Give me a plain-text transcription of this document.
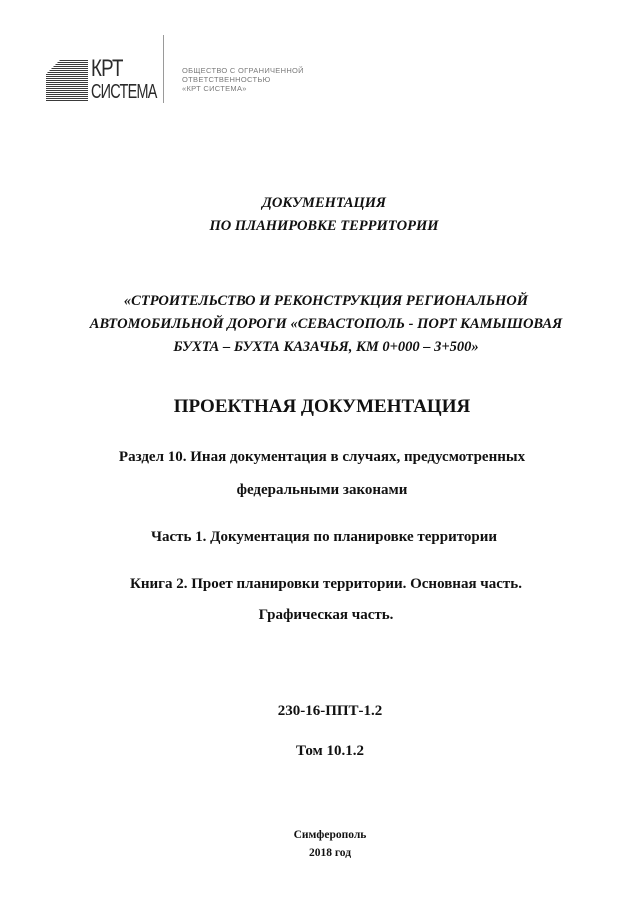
КРТ
СИСТЕМА
ОБЩЕСТВО С ОГРАНИЧЕННОЙ
ОТВЕТСТВЕННОСТЬЮ
«КРТ СИСТЕМА»
ДОКУМЕНТАЦИЯ
ПО ПЛАНИРОВКЕ ТЕРРИТОРИИ
«СТРОИТЕЛЬСТВО И РЕКОНСТРУКЦИЯ РЕГИОНАЛЬНОЙ
АВТОМОБИЛЬНОЙ ДОРОГИ «СЕВАСТОПОЛЬ - ПОРТ КАМЫШОВАЯ
БУХТА – БУХТА КАЗАЧЬЯ, КМ 0+000 – 3+500»
ПРОЕКТНАЯ ДОКУМЕНТАЦИЯ
Раздел 10. Иная документация в случаях, предусмотренных
федеральными законами
Часть 1. Документация по планировке территории
Книга 2. Проет планировки территории. Основная часть.
Графическая часть.
230-16-ППТ-1.2
Том 10.1.2
Симферополь
2018 год
